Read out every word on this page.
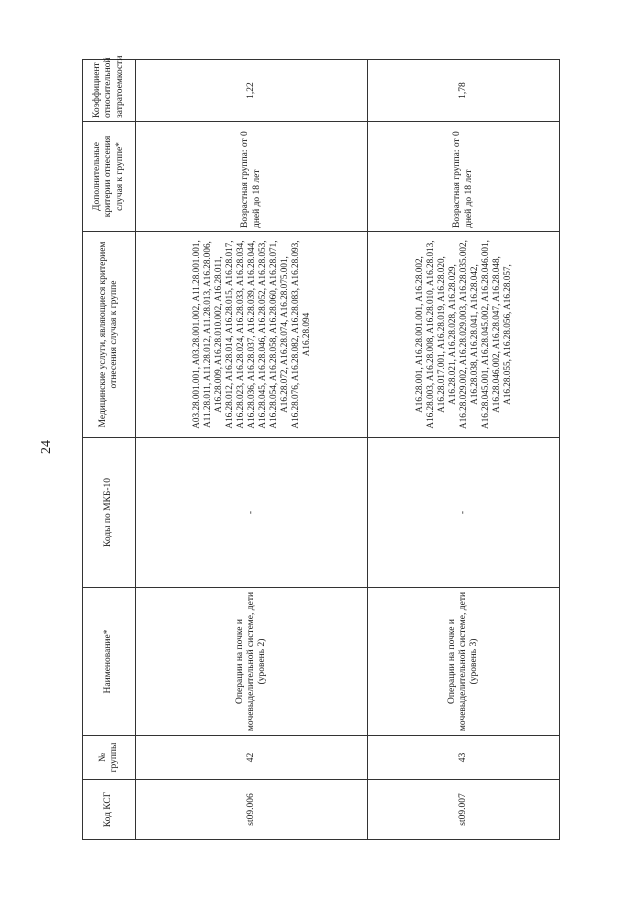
24
Код КСГ	№ группы	Наименование*	Коды по МКБ-10	Медицинские услуги, являющиеся критерием отнесения случая к группе	Дополнительные критерии отнесения случая к группе*	Коэффициент относительной затратоемкости
st09.006	42	Операции на почке и мочевыделительной системе, дети (уровень 2)	-	A03.28.001.001, A03.28.001.002, A11.28.001.001, A11.28.011, A11.28.012, A11.28.013, A16.28.006, A16.28.009, A16.28.010.002, A16.28.011, A16.28.012, A16.28.014, A16.28.015, A16.28.017, A16.28.023, A16.28.024, A16.28.033, A16.28.034, A16.28.036, A16.28.037, A16.28.039, A16.28.044, A16.28.045, A16.28.046, A16.28.052, A16.28.053, A16.28.054, A16.28.058, A16.28.060, A16.28.071, A16.28.072, A16.28.074, A16.28.075.001, A16.28.076, A16.28.082, A16.28.083, A16.28.093, A16.28.094	Возрастная группа: от 0 дней до 18 лет	1,22
st09.007	43	Операции на почке и мочевыделительной системе, дети (уровень 3)	-	A16.28.001, A16.28.001.001, A16.28.002, A16.28.003, A16.28.008, A16.28.010, A16.28.013, A16.28.017.001, A16.28.019, A16.28.020, A16.28.021, A16.28.028, A16.28.029, A16.28.029.002, A16.28.029.003, A16.28.035.002, A16.28.038, A16.28.041, A16.28.042, A16.28.045.001, A16.28.045.002, A16.28.046.001, A16.28.046.002, A16.28.047, A16.28.048, A16.28.055, A16.28.056, A16.28.057,	Возрастная группа: от 0 дней до 18 лет	1,78
